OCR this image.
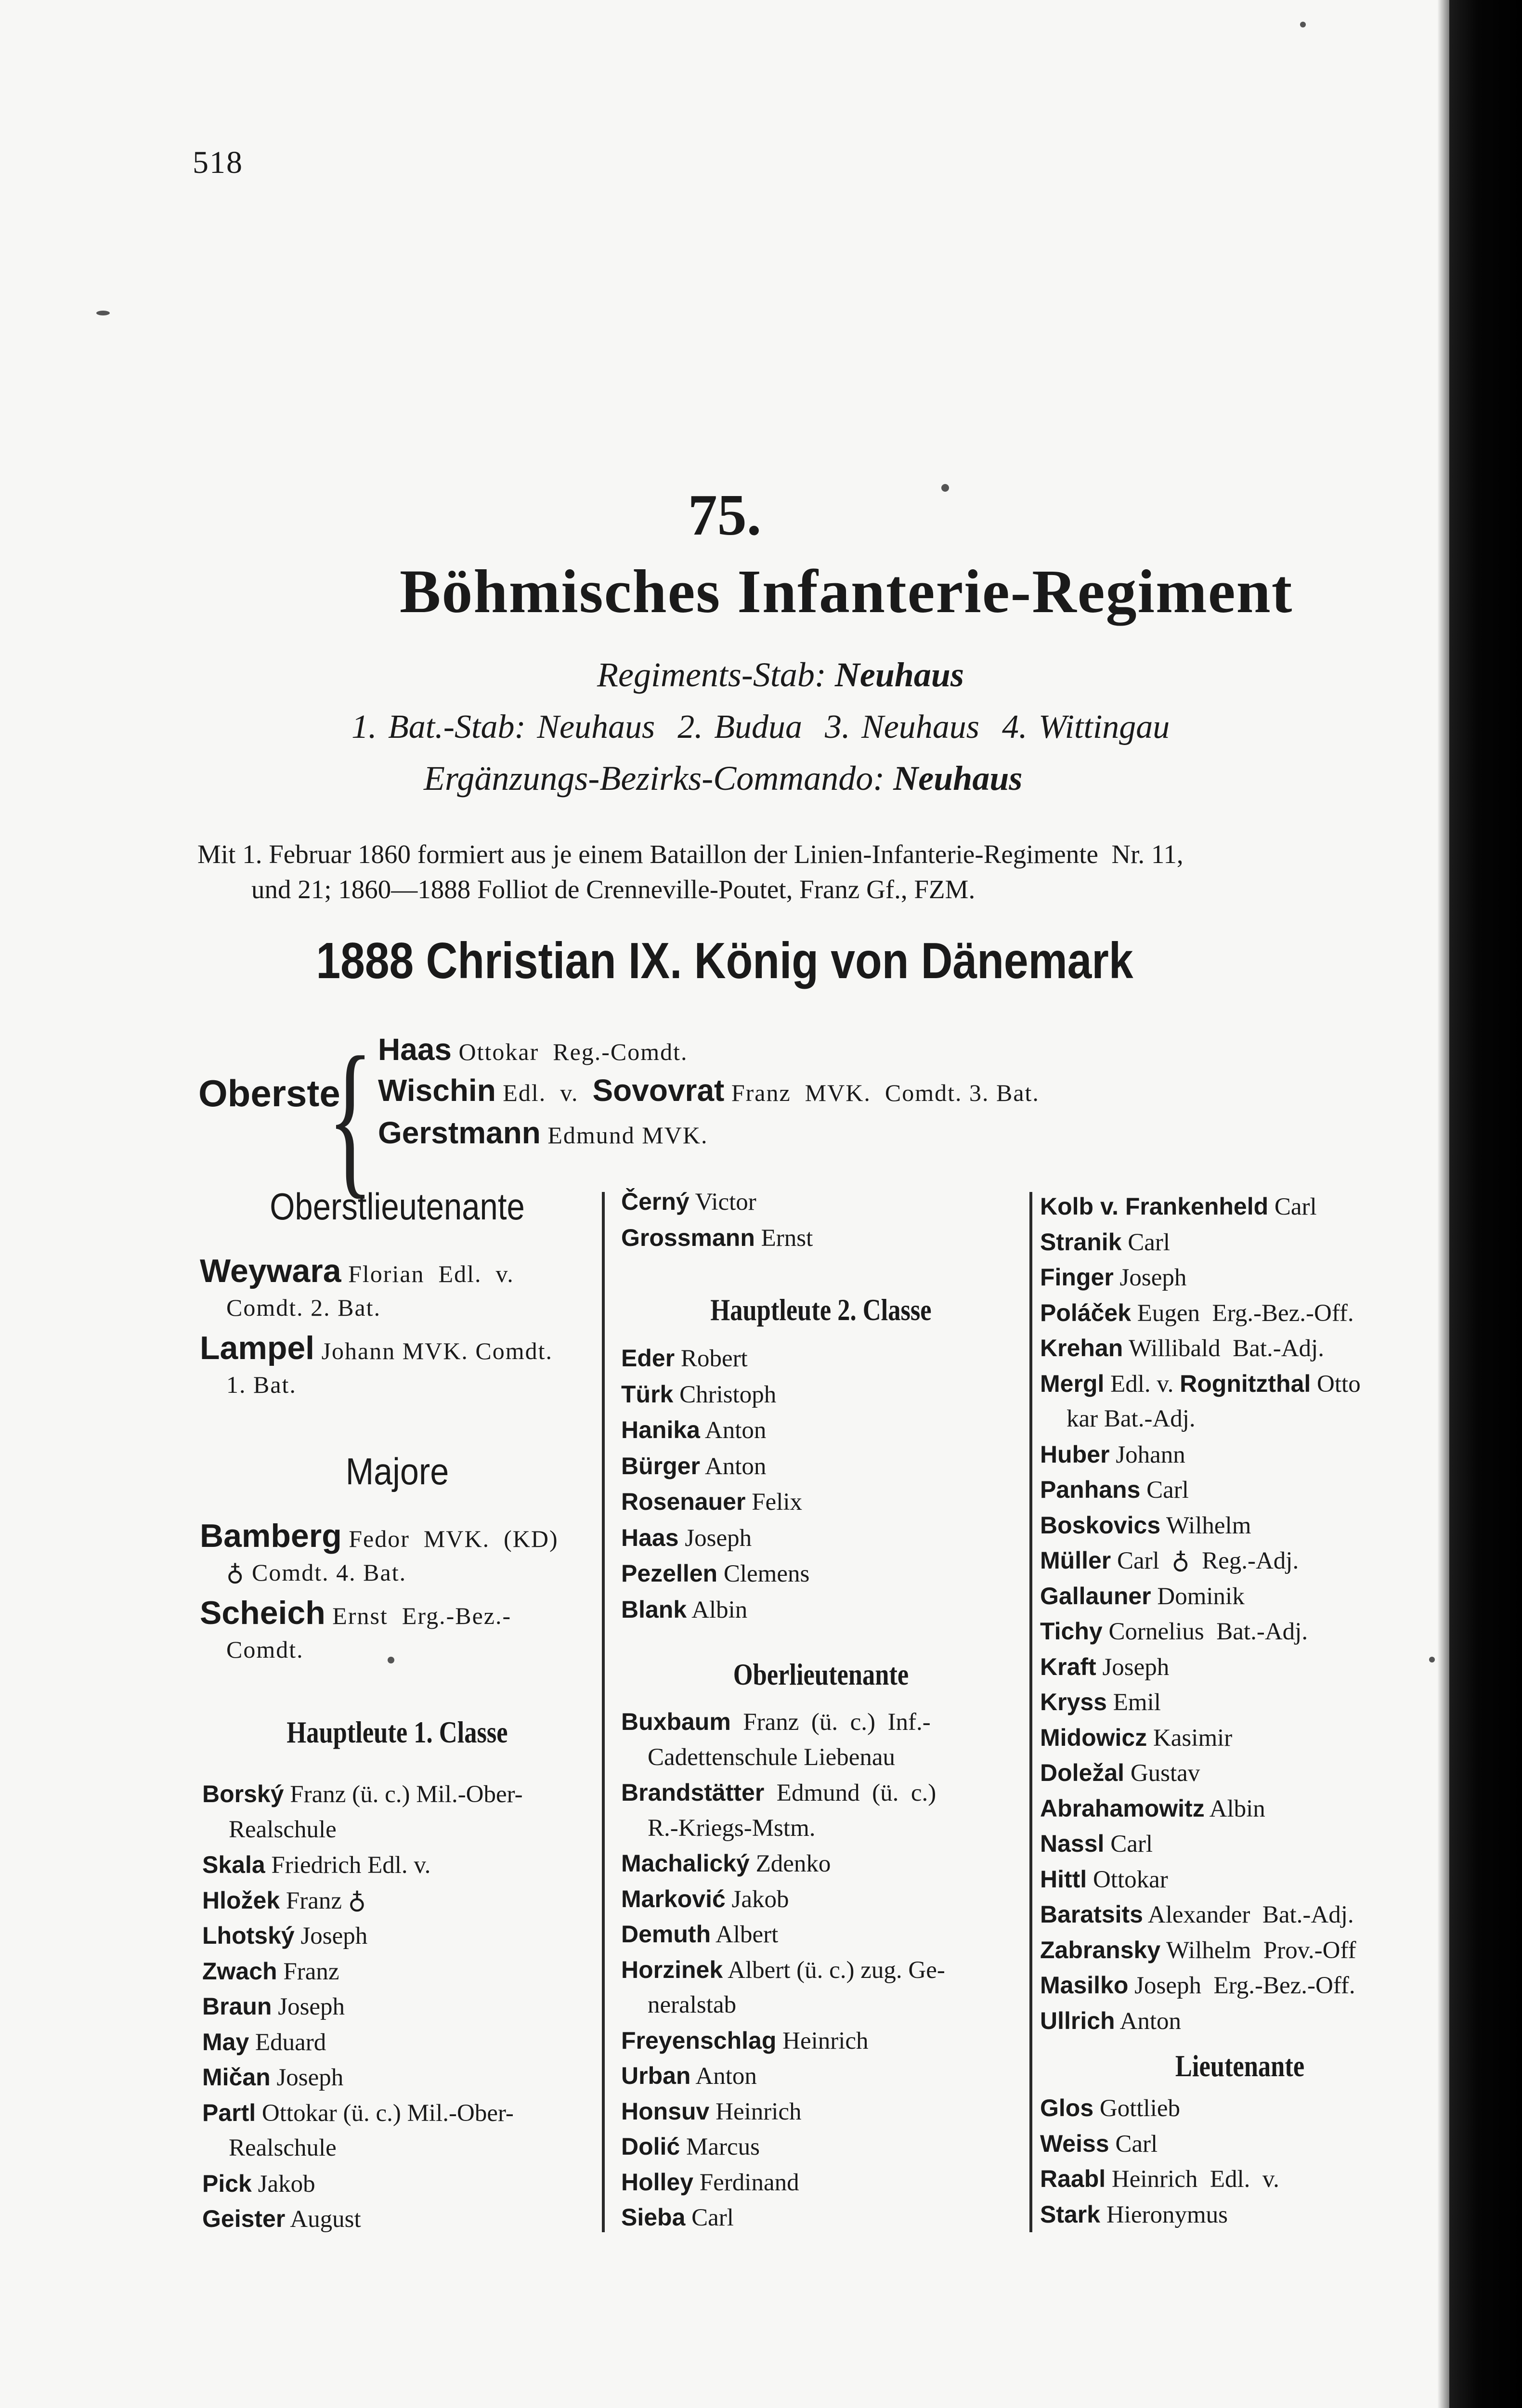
518
75.
Böhmisches Infanterie-Regiment
Regiments-Stab: Neuhaus
1. Bat.-Stab: Neuhaus  2. Budua  3. Neuhaus  4. Wittingau
Ergänzungs-Bezirks-Commando: Neuhaus
Mit 1. Februar 1860 formiert aus je einem Bataillon der Linien-Infanterie-Regimente  Nr. 11,
und 21; 1860—1888 Folliot de Crenneville-Poutet, Franz Gf., FZM.
1888 Christian IX. König von Dänemark
Oberste
{ Haas Ottokar  Reg.-Comdt.
Wischin Edl.  v.  Sovovrat Franz  MVK.  Comdt. 3. Bat.
Gerstmann Edmund MVK.
Oberstlieutenante
Majore
Hauptleute 1. Classe
Hauptleute 2. Classe
Oberlieutenante
Lieutenante
Weywara Florian  Edl.  v.
Comdt. 2. Bat.
Lampel Johann MVK. Comdt.
1. Bat.
Bamberg Fedor  MVK.  (KD)
♁ Comdt. 4. Bat.
Scheich Ernst  Erg.-Bez.-
Comdt.
Borský Franz (ü. c.) Mil.-Ober-
Realschule
Skala Friedrich Edl. v.
Hložek Franz ♁
Lhotský Joseph
Zwach Franz
Braun Joseph
May Eduard
Mičan Joseph
Partl Ottokar (ü. c.) Mil.-Ober-
Realschule
Pick Jakob
Geister August
Černý Victor
Grossmann Ernst
Eder Robert
Türk Christoph
Hanika Anton
Bürger Anton
Rosenauer Felix
Haas Joseph
Pezellen Clemens
Blank Albin
Buxbaum  Franz  (ü.  c.)  Inf.-
Cadettenschule Liebenau
Brandstätter  Edmund  (ü.  c.)
R.-Kriegs-Mstm.
Machalický Zdenko
Marković Jakob
Demuth Albert
Horzinek Albert (ü. c.) zug. Ge-
neralstab
Freyenschlag Heinrich
Urban Anton
Honsuv Heinrich
Dolić Marcus
Holley Ferdinand
Sieba Carl
Kolb v. Frankenheld Carl
Stranik Carl
Finger Joseph
Poláček Eugen  Erg.-Bez.-Off.
Krehan Willibald  Bat.-Adj.
Mergl Edl. v. Rognitzthal Otto
kar Bat.-Adj.
Huber Johann
Panhans Carl
Boskovics Wilhelm
Müller Carl  ♁  Reg.-Adj.
Gallauner Dominik
Tichy Cornelius  Bat.-Adj.
Kraft Joseph
Kryss Emil
Midowicz Kasimir
Doležal Gustav
Abrahamowitz Albin
Nassl Carl
Hittl Ottokar
Baratsits Alexander  Bat.-Adj.
Zabransky Wilhelm  Prov.-Off
Masilko Joseph  Erg.-Bez.-Off.
Ullrich Anton
Glos Gottlieb
Weiss Carl
Raabl Heinrich  Edl.  v.
Stark Hieronymus
